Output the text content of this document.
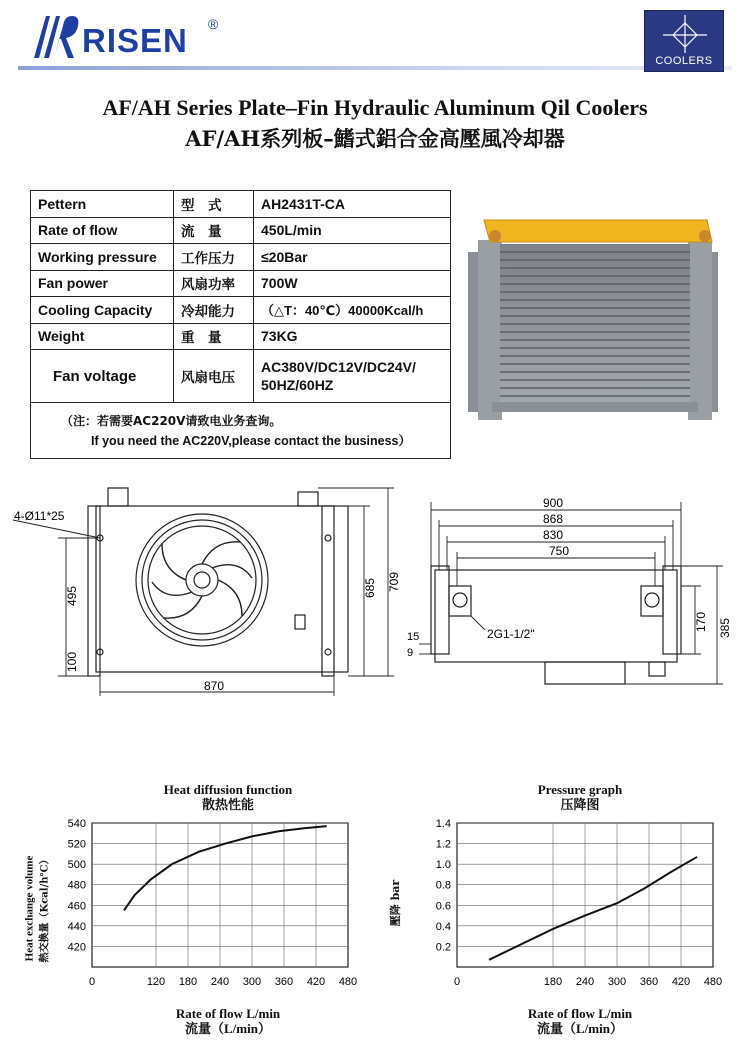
RISEN ®
COOLERS
AF/AH Series Plate–Fin Hydraulic Aluminum Qil Coolers
AF/AH系列板–鰭式鋁合金高壓風冷却器
Pettern	型　式	AH2431T-CA
Rate of flow	流　量	450L/min
Working pressure	工作压力	≤20Bar
Fan power	风扇功率	700W
Cooling Capacity	冷却能力	（△T：40℃）40000Kcal/h
Weight	重　量	73KG
Fan voltage	风扇电压	AC380V/DC12V/DC24V/
50HZ/60HZ

（注：若需要AC220V请致电业务查询。
If you need the AC220V,please contact the business）		
4-Ø11*25
495
100
685 709
870
900
868
830
750
15
9
2G1-1/2"
170 385
Heat diffusion function
散热性能
420
440
460
480
500
520
540
0	120 180 240 300 360 420 480
Heat exchange volume 熱交換量（Kcal/h℃）
Rate of flow L/min
流量（L/min）
Pressure graph
压降图
0.2
0.4
0.6
0.8
1.0
1.2
1.4
0	180 240 300 360 420 480
壓降 bar
Rate of flow L/min
流量（L/min）
